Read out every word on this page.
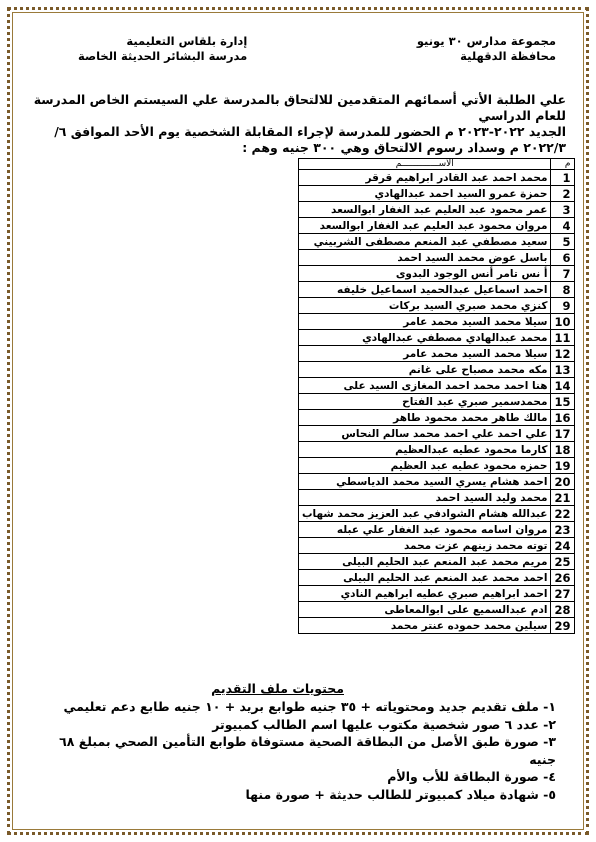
مجموعة مدارس ٣٠ يونيو
محافظة الدقهلية
إدارة بلقاس التعليمية
مدرسة البشائر الحديثة الخاصة
علي الطلبة الأتي أسمائهم المتقدمين للالتحاق بالمدرسة علي السيستم الخاص المدرسة للعام الدراسي
الجديد ٢٠٢٢-٢٠٢٣ م الحضور للمدرسة لإجراء المقابلة الشخصية يوم الأحد الموافق ٦/
٢٠٢٢/٣ م وسداد رسوم الالتحاق وهي ٣٠٠ جنيه وهم :
م	الاســــــــــــــم
1	محمد احمد عبد القادر ابراهيم قرقر
2	حمزة عمرو السيد احمد عبدالهادي
3	عمر محمود عبد العليم عبد الغفار ابوالسعد
4	مروان محمود عبد العليم عبد الغفار ابوالسعد
5	سعيد مصطفي عبد المنعم مصطفى الشربيني
6	باسل عوض محمد السيد احمد
7	أ نس تامر أنس الوجود البدوى
8	احمد اسماعيل عبدالحميد اسماعيل خليفه
9	كنزي محمد صبري السيد بركات
10	سيلا محمد السيد محمد عامر
11	محمد عبدالهادي مصطفي عبدالهادي
12	سيلا محمد السيد محمد عامر
13	مكه محمد مصباح على غانم
14	هنا احمد محمد احمد المغازى السيد على
15	محمدسمير صبري عبد الفتاح
16	مالك طاهر محمد محمود طاهر
17	علي احمد علي احمد محمد سالم النحاس
18	كارما محمود عطيه عبدالعظيم
19	حمزه محمود عطيه عبد العظيم
20	احمد هشام يسري السيد محمد الدياسطي
21	محمد وليد السيد احمد
22	عبدالله هشام الشوادفي عبد العزيز محمد شهاب
23	مروان اسامه محمود عبد الغفار علي عبله
24	توته محمد زينهم عزت محمد
25	مريم محمد عبد المنعم عبد الحليم البيلى
26	احمد محمد عبد المنعم عبد الحليم البيلى
27	احمد ابراهيم صبري عطيه ابراهيم النادي
28	ادم عبدالسميع على ابوالمعاطى
29	سيلين محمد حموده عنتر محمد
محتويات ملف التقديم
١- ملف تقديم جديد ومحتوياته + ٣٥ جنيه طوابع بريد + ١٠ جنيه طابع دعم تعليمي
٢- عدد ٦ صور شخصية مكتوب عليها اسم الطالب كمبيوتر
٣- صورة طبق الأصل من البطاقة الصحية مستوفاة طوابع التأمين الصحي بمبلغ ٦٨ جنيه
٤- صورة البطاقة للأب والأم
٥- شهادة ميلاد كمبيوتر للطالب حديثة + صورة منها
